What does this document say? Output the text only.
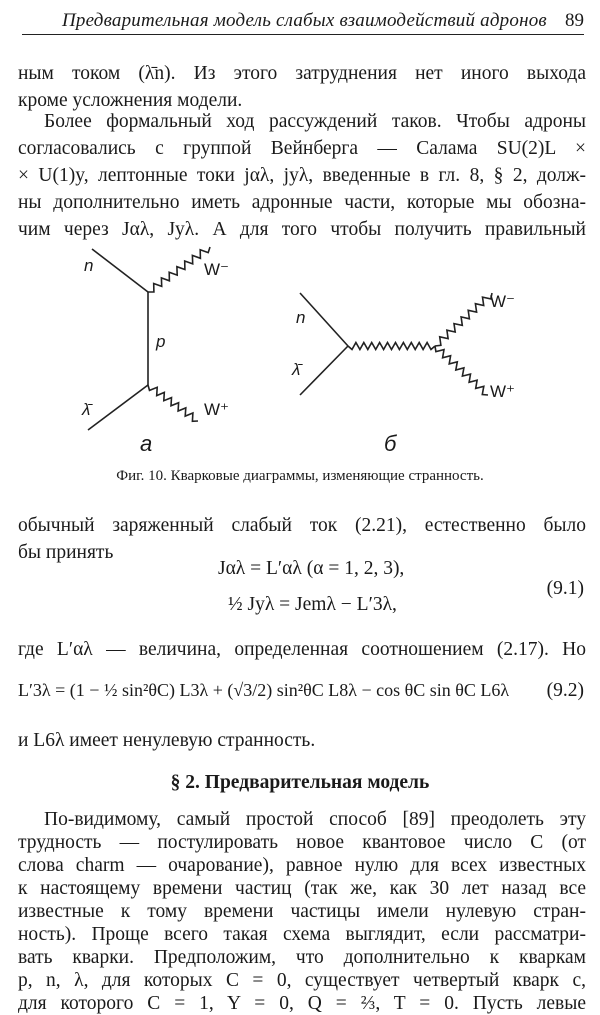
Предварительная модель слабых взаимодействий адронов 89
ным током (λ̄n). Из этого затруднения нет иного выхода
кроме усложнения модели.
Более формальный ход рассуждений таков. Чтобы адроны
согласовались с группой Вейнберга — Салама SU(2)L ×
× U(1)y, лептонные токи jαλ, jyλ, введенные в гл. 8, § 2, долж-
ны дополнительно иметь адронные части, которые мы обозна-
чим через Jαλ, Jyλ. А для того чтобы получить правильный
n
p
λ̄
W⁻
W⁺
a
n
λ̄
W⁻
W⁺
б
Фиг. 10. Кварковые диаграммы, изменяющие странность.
обычный заряженный слабый ток (2.21), естественно было
бы принять
Jαλ = L′αλ (α = 1, 2, 3),
½ Jyλ = Jemλ − L′3λ,
(9.1)
где L′αλ — величина, определенная соотношением (2.17). Но
L′3λ = (1 − ½ sin²θC) L3λ + (√3/2) sin²θC L8λ − cos θC sin θC L6λ (9.2)
и L6λ имеет ненулевую странность.
§ 2. Предварительная модель
По-видимому, самый простой способ [89] преодолеть эту
трудность — постулировать новое квантовое число C (от
слова charm — очарование), равное нулю для всех известных
к настоящему времени частиц (так же, как 30 лет назад все
известные к тому времени частицы имели нулевую стран-
ность). Проще всего такая схема выглядит, если рассматри-
вать кварки. Предположим, что дополнительно к кваркам
p, n, λ, для которых C = 0, существует четвертый кварк c,
для которого C = 1, Y = 0, Q = ⅔, T = 0. Пусть левые
